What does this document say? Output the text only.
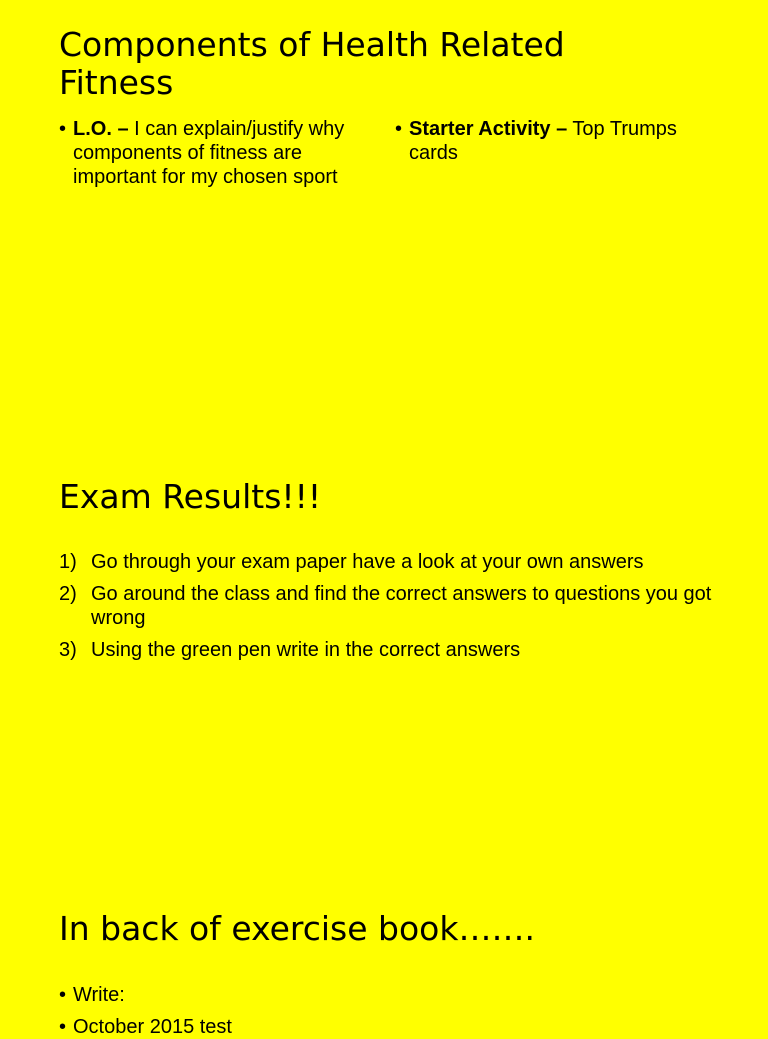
Components of Health Related Fitness
• L.O. – I can explain/justify why components of fitness are important for my chosen sport
• Starter Activity – Top Trumps cards
Exam Results!!!
1) Go through your exam paper have a look at your own answers
2) Go around the class and find the correct answers to questions you got wrong
3) Using the green pen write in the correct answers
In back of exercise book…….
• Write:
• October 2015 test
